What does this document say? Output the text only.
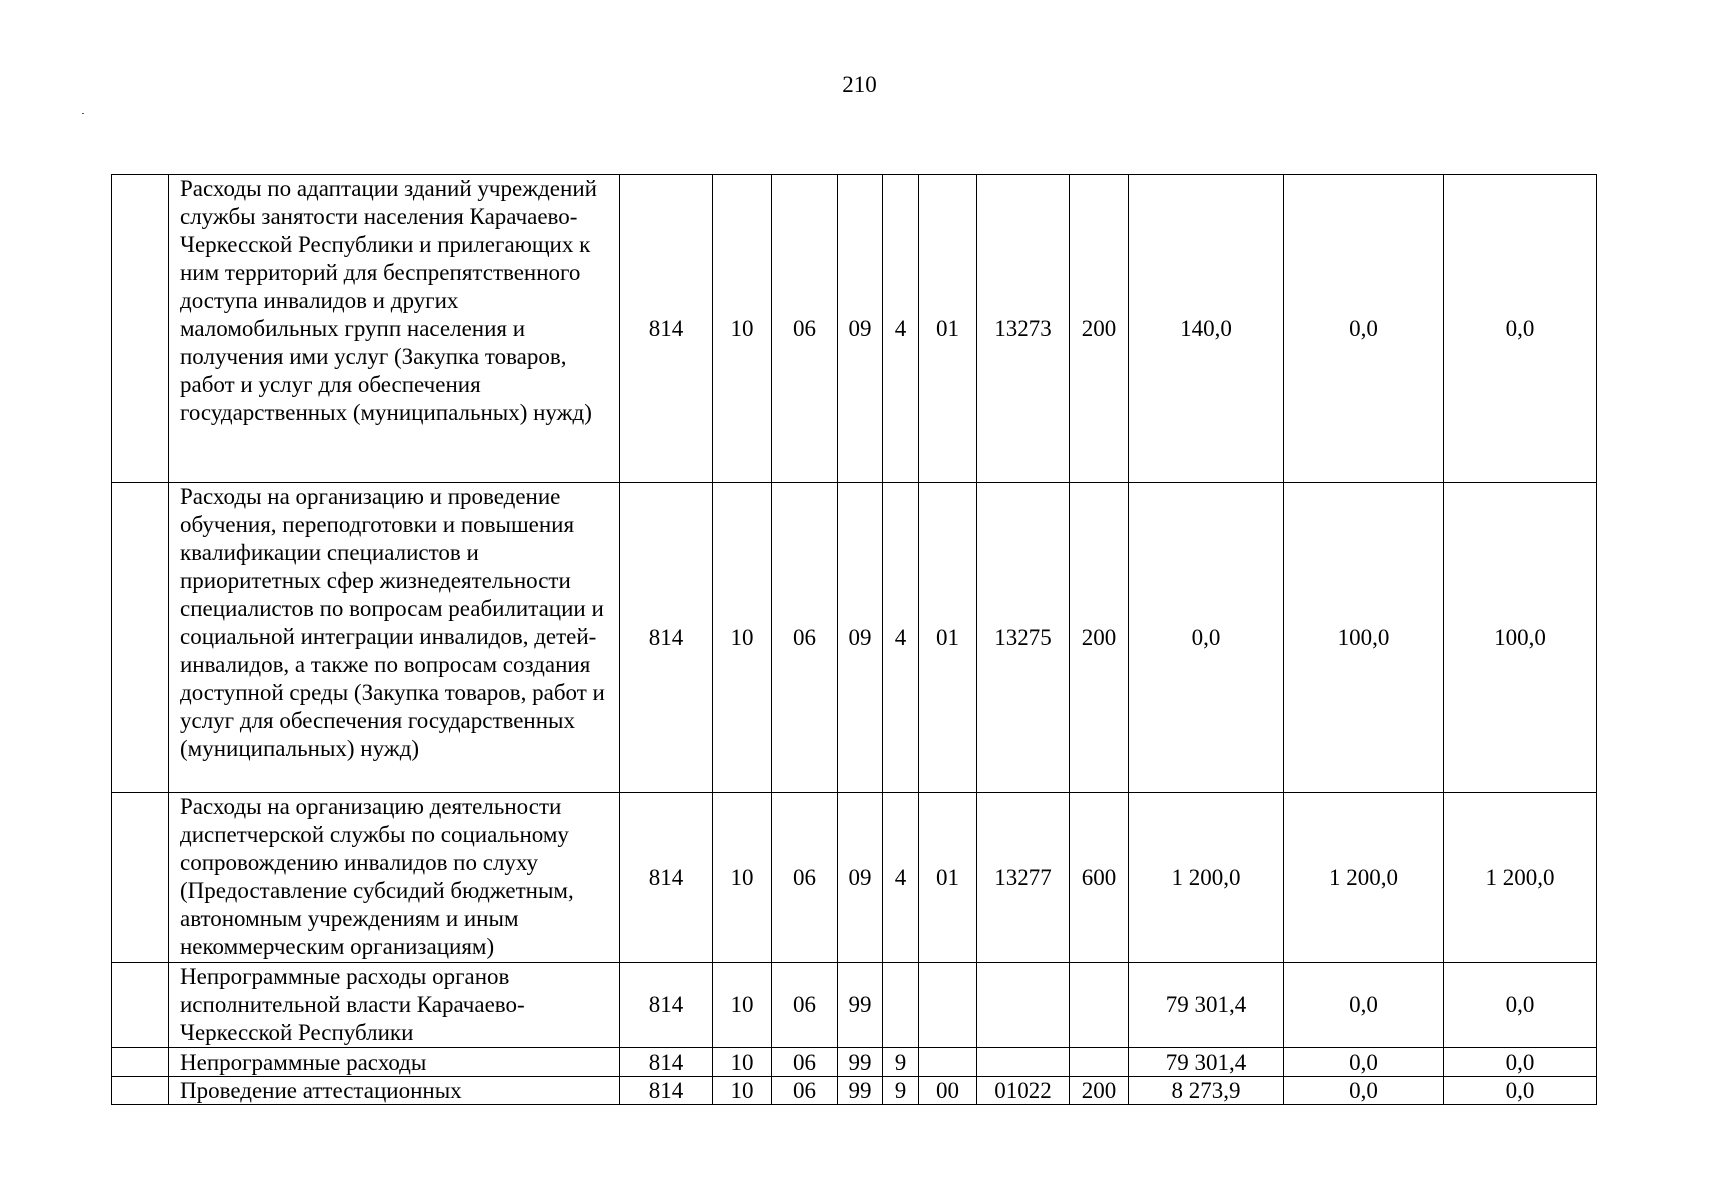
210
	Расходы по адаптации зданий учреждений службы занятости населения Карачаево-Черкесской Республики и прилегающих к ним территорий для беспрепятственного доступа инвалидов и других маломобильных групп населения и получения ими услуг (Закупка товаров, работ и услуг для обеспечения государственных (муниципальных) нужд)	814	10	06	09	4	01	13273	200	140,0	0,0	0,0
	Расходы на организацию и проведение обучения, переподготовки и повышения квалификации специалистов и приоритетных сфер жизнедеятельности специалистов по вопросам реабилитации и социальной интеграции инвалидов, детей-инвалидов, а также по вопросам создания доступной среды (Закупка товаров, работ и услуг для обеспечения государственных (муниципальных) нужд)	814	10	06	09	4	01	13275	200	0,0	100,0	100,0
	Расходы на организацию деятельности диспетчерской службы по социальному сопровождению инвалидов по слуху (Предоставление субсидий бюджетным, автономным учреждениям и иным некоммерческим организациям)	814	10	06	09	4	01	13277	600	1 200,0	1 200,0	1 200,0
	Непрограммные расходы органов исполнительной власти Карачаево-Черкесской Республики	814	10	06	99					79 301,4	0,0	0,0
	Непрограммные расходы	814	10	06	99	9				79 301,4	0,0	0,0
	Проведение аттестационных	814	10	06	99	9	00	01022	200	8 273,9	0,0	0,0
